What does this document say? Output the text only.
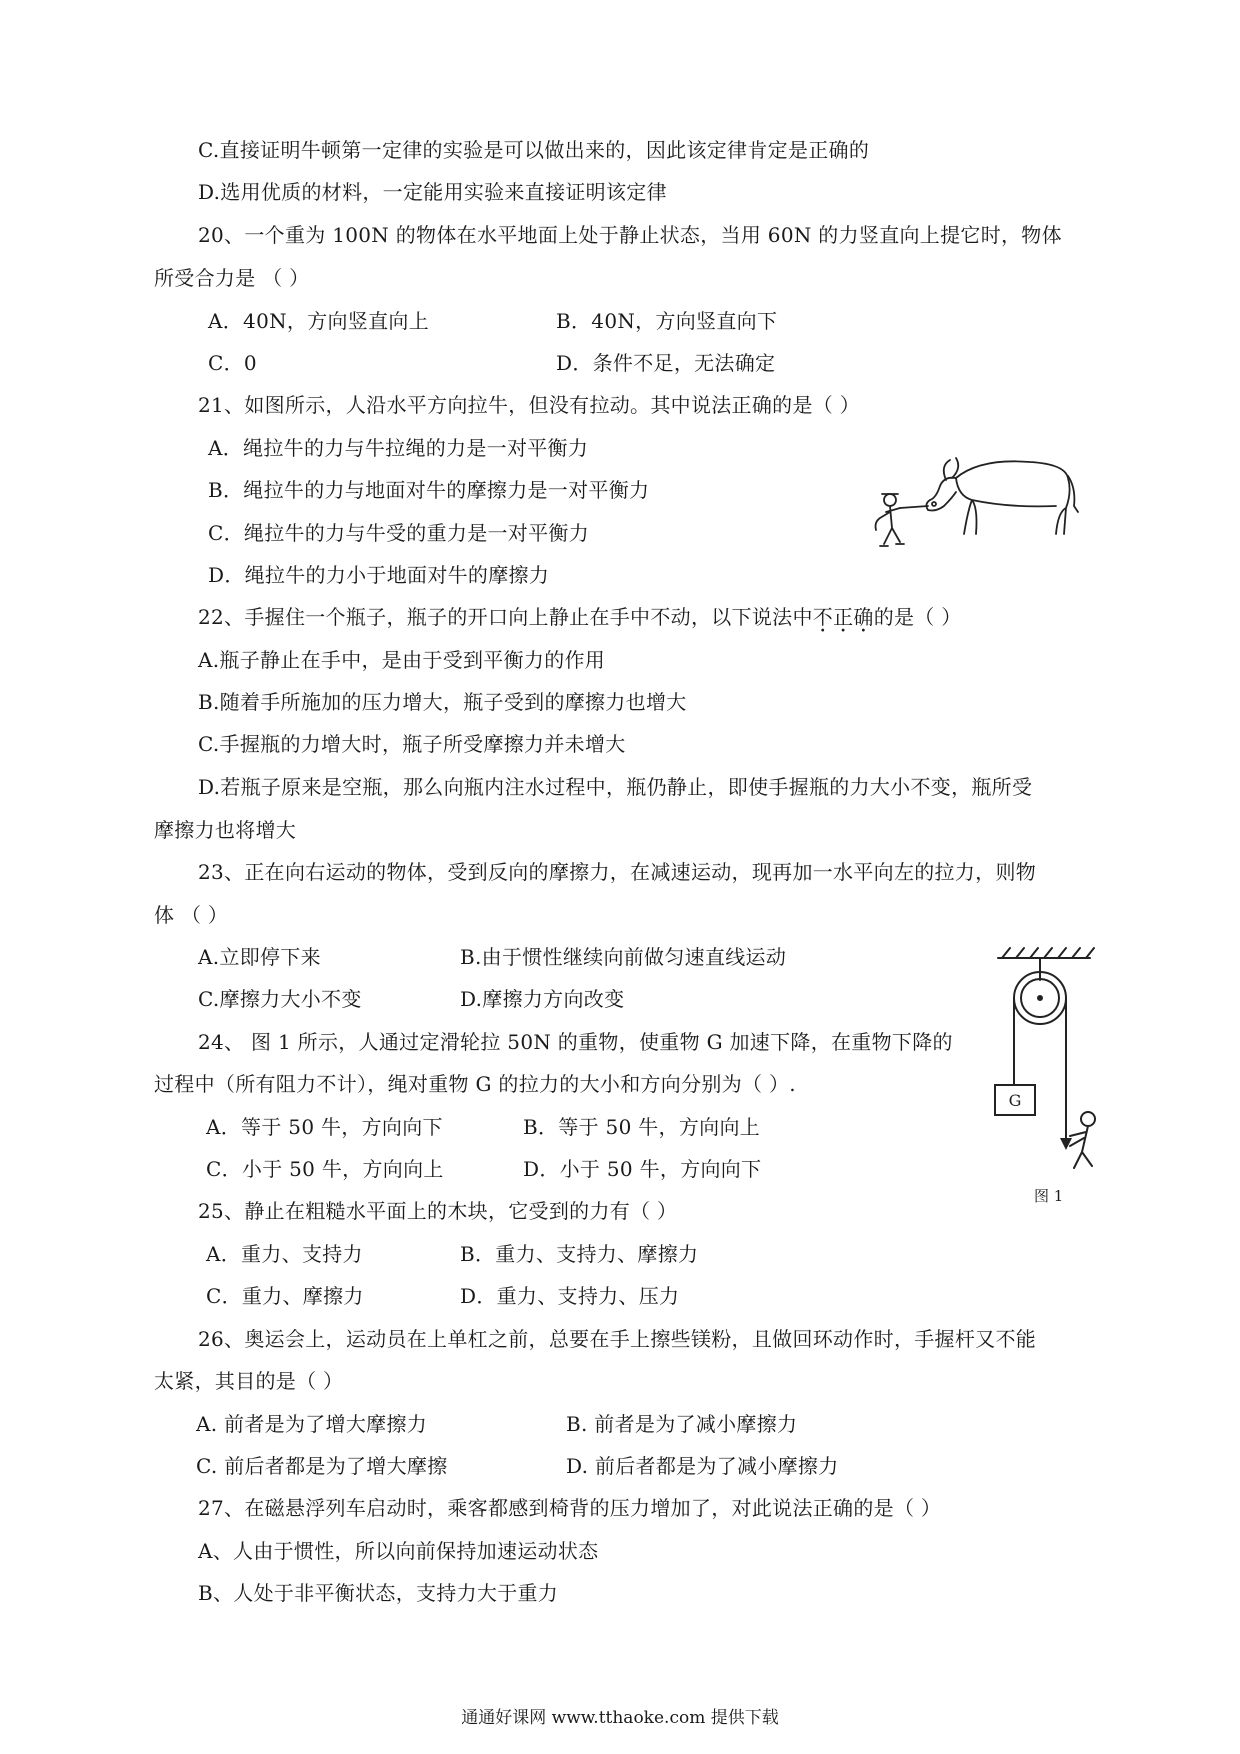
C.直接证明牛顿第一定律的实验是可以做出来的，因此该定律肯定是正确的
D.选用优质的材料，一定能用实验来直接证明该定律
20、一个重为 100N 的物体在水平地面上处于静止状态，当用 60N 的力竖直向上提它时，物体
所受合力是 （ ）
A．40N，方向竖直向上	B．40N，方向竖直向下
C．0	D．条件不足，无法确定
21、如图所示，人沿水平方向拉牛，但没有拉动。其中说法正确的是（ ）
A．绳拉牛的力与牛拉绳的力是一对平衡力
B．绳拉牛的力与地面对牛的摩擦力是一对平衡力
C．绳拉牛的力与牛受的重力是一对平衡力
D．绳拉牛的力小于地面对牛的摩擦力
22、手握住一个瓶子，瓶子的开口向上静止在手中不动，以下说法中不正确的是（ ）
A.瓶子静止在手中，是由于受到平衡力的作用
B.随着手所施加的压力增大，瓶子受到的摩擦力也增大
C.手握瓶的力增大时，瓶子所受摩擦力并未增大
D.若瓶子原来是空瓶，那么向瓶内注水过程中，瓶仍静止，即使手握瓶的力大小不变，瓶所受
摩擦力也将增大
23、正在向右运动的物体，受到反向的摩擦力，在减速运动，现再加一水平向左的拉力，则物
体 （ ）
A.立即停下来	B.由于惯性继续向前做匀速直线运动
C.摩擦力大小不变	D.摩擦力方向改变
24、 图 1 所示，人通过定滑轮拉 50N 的重物，使重物 G 加速下降，在重物下降的
过程中（所有阻力不计），绳对重物 G 的拉力的大小和方向分别为（ ）.
A．等于 50 牛，方向向下	B．等于 50 牛，方向向上
C．小于 50 牛，方向向上	D．小于 50 牛，方向向下
25、静止在粗糙水平面上的木块，它受到的力有（ ）
A．重力、支持力	B．重力、支持力、摩擦力
C．重力、摩擦力	D．重力、支持力、压力
26、奥运会上，运动员在上单杠之前，总要在手上擦些镁粉，且做回环动作时，手握杆又不能
太紧，其目的是（ ）
A. 前者是为了增大摩擦力	B. 前者是为了减小摩擦力
C. 前后者都是为了增大摩擦	D. 前后者都是为了减小摩擦力
27、在磁悬浮列车启动时，乘客都感到椅背的压力增加了，对此说法正确的是（ ）
A、人由于惯性，所以向前保持加速运动状态
B、人处于非平衡状态，支持力大于重力
G
图 1
通通好课网 www.tthaoke.com 提供下载
